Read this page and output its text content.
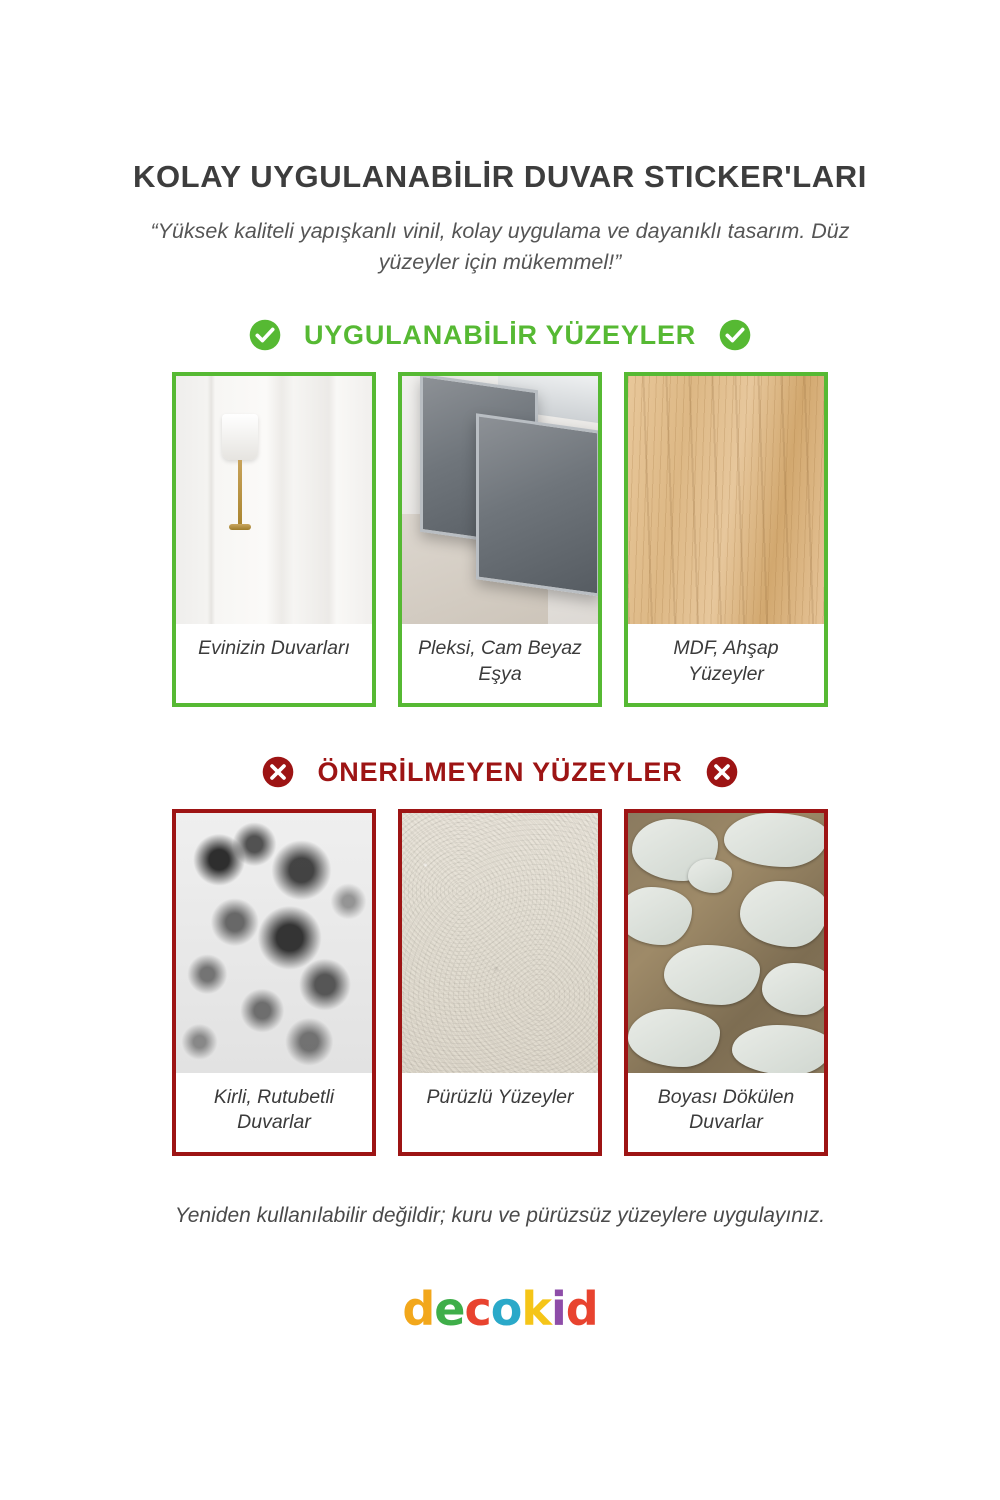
KOLAY UYGULANABİLİR DUVAR STICKER'LARI

“Yüksek kaliteli yapışkanlı vinil, kolay uygulama ve dayanıklı tasarım. Düz yüzeyler için mükemmel!”

UYGULANABİLİR YÜZEYLER
Evinizin Duvarları	Pleksi, Cam Beyaz Eşya
MDF, Ahşap Yüzeyler
ÖNERİLMEYEN YÜZEYLER
Kirli, Rutubetli Duvarlar
Pürüzlü Yüzeyler	Boyası Dökülen Duvarlar
Yeniden kullanılabilir değildir; kuru ve pürüzsüz yüzeylere uygulayınız.
decokid
